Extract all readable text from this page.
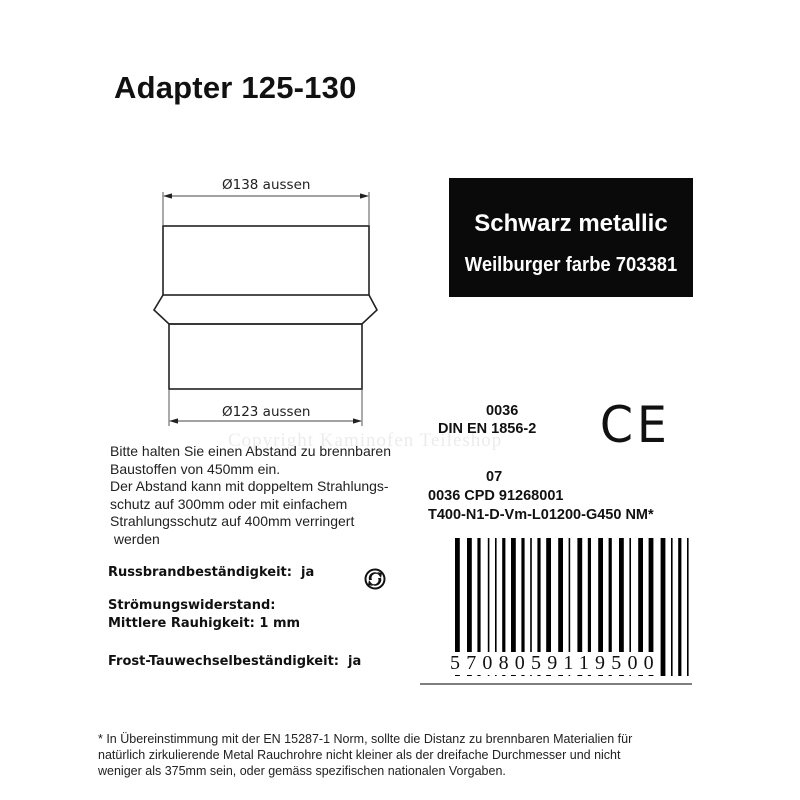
Adapter 125-130
Ø138 aussen
Ø123 aussen
Copyright Kaminofen Teileshop
Schwarz metallic
Weilburger farbe 703381
Bitte halten Sie einen Abstand zu brennbaren
Baustoffen von 450mm ein.
Der Abstand kann mit doppeltem Strahlungs-
schutz auf 300mm oder mit einfachem
Strahlungsschutz auf 400mm verringert
werden
Russbrandbeständigkeit:  ja
Strömungswiderstand:
Mittlere Rauhigkeit: 1 mm
Frost-Tauwechselbeständigkeit:  ja
0036
DIN EN 1856-2 CE
07
0036 CPD 91268001
T400-N1-D-Vm-L01200-G450 NM*
5708059119500
* In Übereinstimmung mit der EN 15287-1 Norm, sollte die Distanz zu brennbaren Materialien für
natürlich zirkulierende Metal Rauchrohre nicht kleiner als der dreifache Durchmesser und nicht
weniger als 375mm sein, oder gemäss spezifischen nationalen Vorgaben.
